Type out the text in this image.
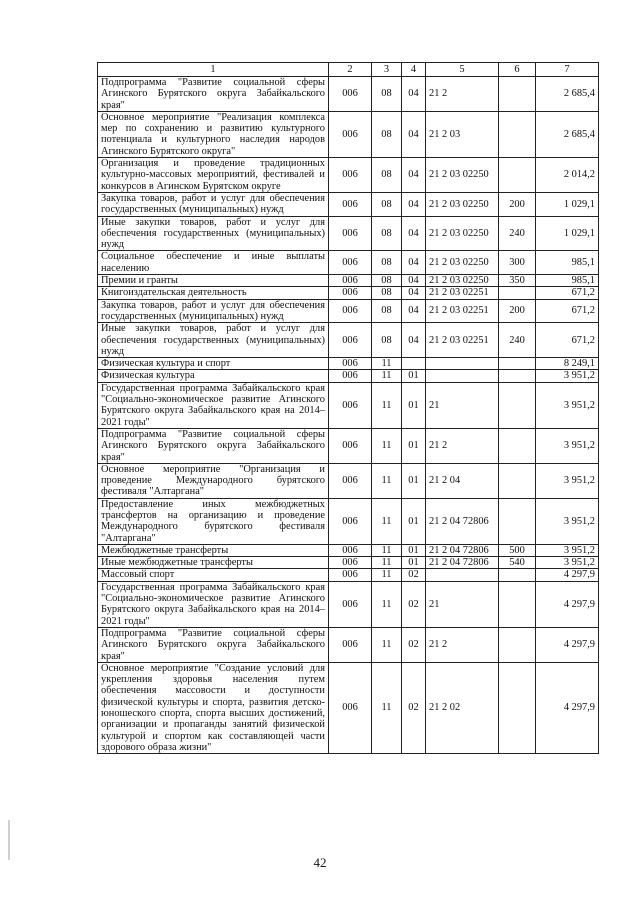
1	2	3	4	5	6	7
Подпрограмма "Развитие социальной сферы Агинского Бурятского округа Забайкальского края"	006	08	04	21 2		2 685,4
Основное мероприятие "Реализация комплекса мер по сохранению и развитию культурного потенциала и культурного наследия народов Агинского Бурятского округа"	006	08	04	21 2 03		2 685,4
Организация и проведение традиционных культурно-массовых мероприятий, фестивалей и конкурсов в Агинском Бурятском округе	006	08	04	21 2 03 02250		2 014,2
Закупка товаров, работ и услуг для обеспечения государственных (муниципальных) нужд	006	08	04	21 2 03 02250	200	1 029,1
Иные закупки товаров, работ и услуг для обеспечения государственных (муниципальных) нужд	006	08	04	21 2 03 02250	240	1 029,1
Социальное обеспечение и иные выплаты населению	006	08	04	21 2 03 02250	300	985,1
Премии и гранты	006	08	04	21 2 03 02250	350	985,1
Книгоиздательская деятельность	006	08	04	21 2 03 02251		671,2
Закупка товаров, работ и услуг для обеспечения государственных (муниципальных) нужд	006	08	04	21 2 03 02251	200	671,2
Иные закупки товаров, работ и услуг для обеспечения государственных (муниципальных) нужд	006	08	04	21 2 03 02251	240	671,2
Физическая культура и спорт	006	11				8 249,1
Физическая культура	006	11	01			3 951,2
Государственная программа Забайкальского края "Социально-экономическое развитие Агинского Бурятского округа Забайкальского края на 2014–2021 годы"	006	11	01	21		3 951,2
Подпрограмма "Развитие социальной сферы Агинского Бурятского округа Забайкальского края"	006	11	01	21 2		3 951,2
Основное мероприятие "Организация и проведение Международного бурятского фестиваля "Алтаргана"	006	11	01	21 2 04		3 951,2
Предоставление иных межбюджетных трансфертов на организацию и проведение Международного бурятского фестиваля "Алтаргана"	006	11	01	21 2 04 72806		3 951,2
Межбюджетные трансферты	006	11	01	21 2 04 72806	500	3 951,2
Иные межбюджетные трансферты	006	11	01	21 2 04 72806	540	3 951,2
Массовый спорт	006	11	02			4 297,9
Государственная программа Забайкальского края "Социально-экономическое развитие Агинского Бурятского округа Забайкальского края на 2014–2021 годы"	006	11	02	21		4 297,9
Подпрограмма "Развитие социальной сферы Агинского Бурятского округа Забайкальского края"	006	11	02	21 2		4 297,9
Основное мероприятие "Создание условий для укрепления здоровья населения путем обеспечения массовости и доступности физической культуры и спорта, развития детско-юношеского спорта, спорта высших достижений, организации и пропаганды занятий физической культурой и спортом как составляющей части здорового образа жизни"	006	11	02	21 2 02		4 297,9
42
